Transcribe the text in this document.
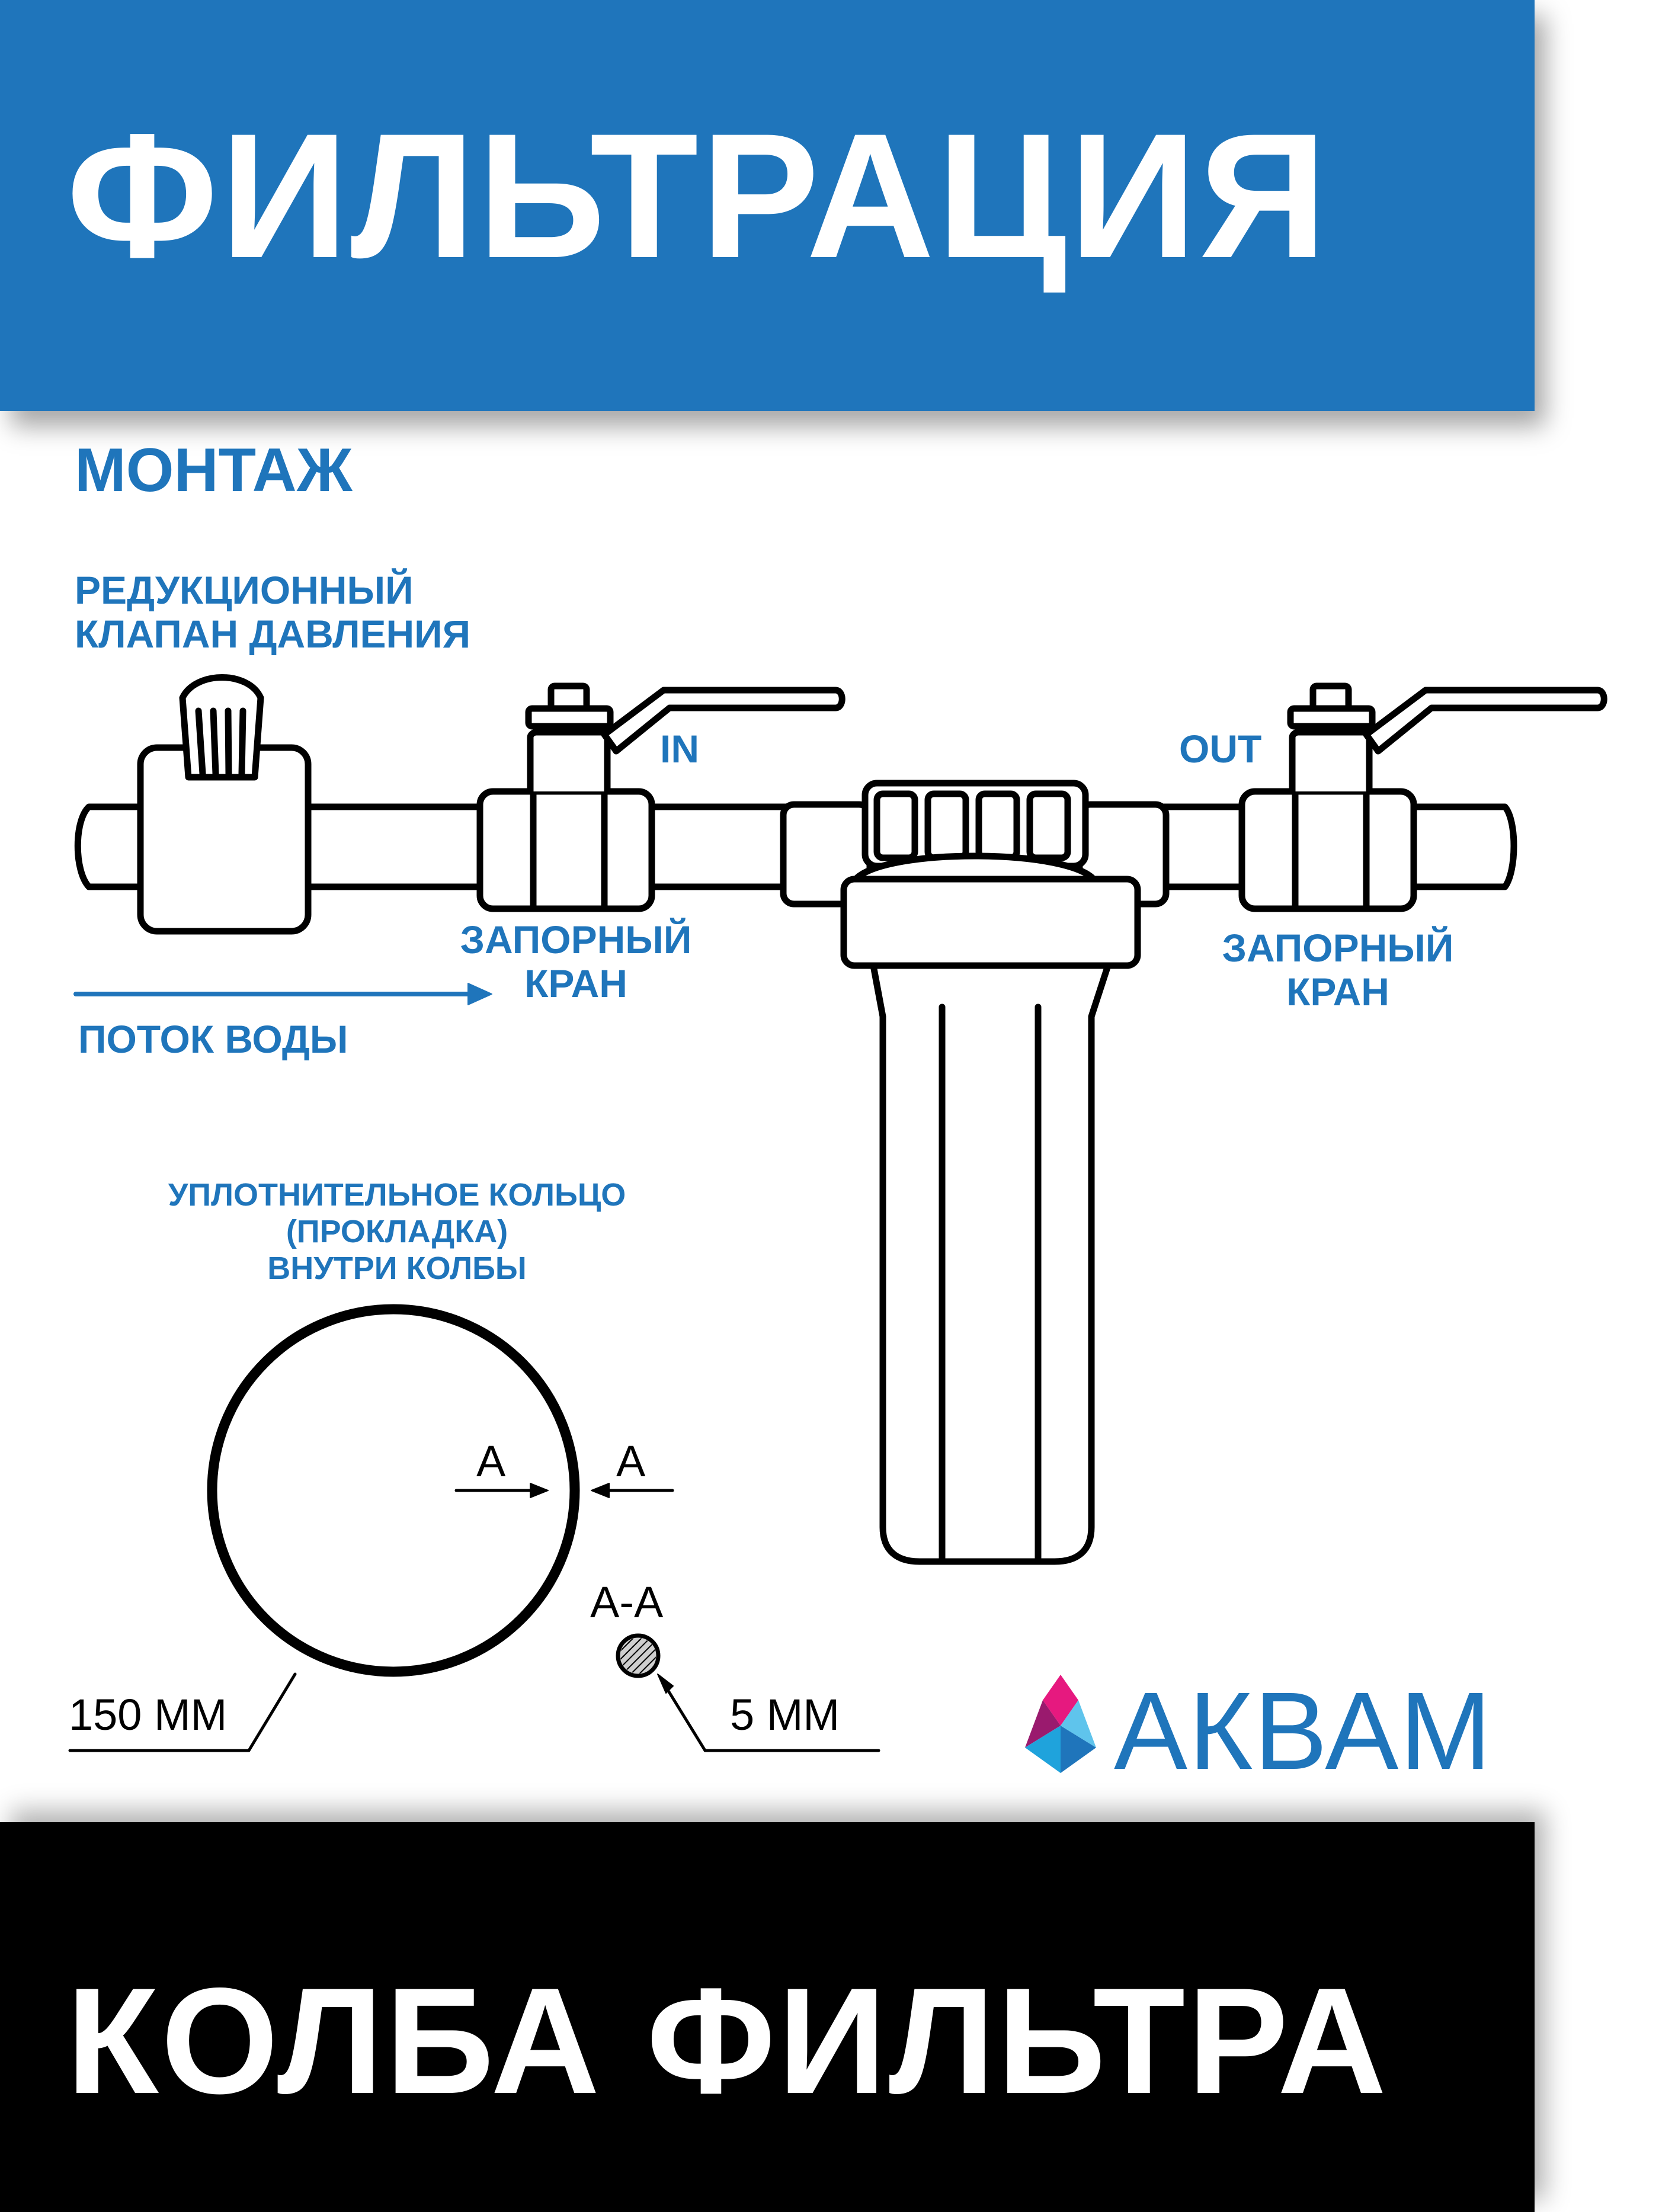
ФИЛЬТРАЦИЯ
МОНТАЖ
РЕДУКЦИОННЫЙ
КЛАПАН ДАВЛЕНИЯ
IN	OUT
ЗАПОРНЫЙ
КРАН
ЗАПОРНЫЙ
КРАН
ПОТОК ВОДЫ
УПЛОТНИТЕЛЬНОЕ КОЛЬЦО
(ПРОКЛАДКА)
ВНУТРИ КОЛБЫ
А	А
А-А
150 ММ	5 ММ АКВАМ
КОЛБА ФИЛЬТРА
